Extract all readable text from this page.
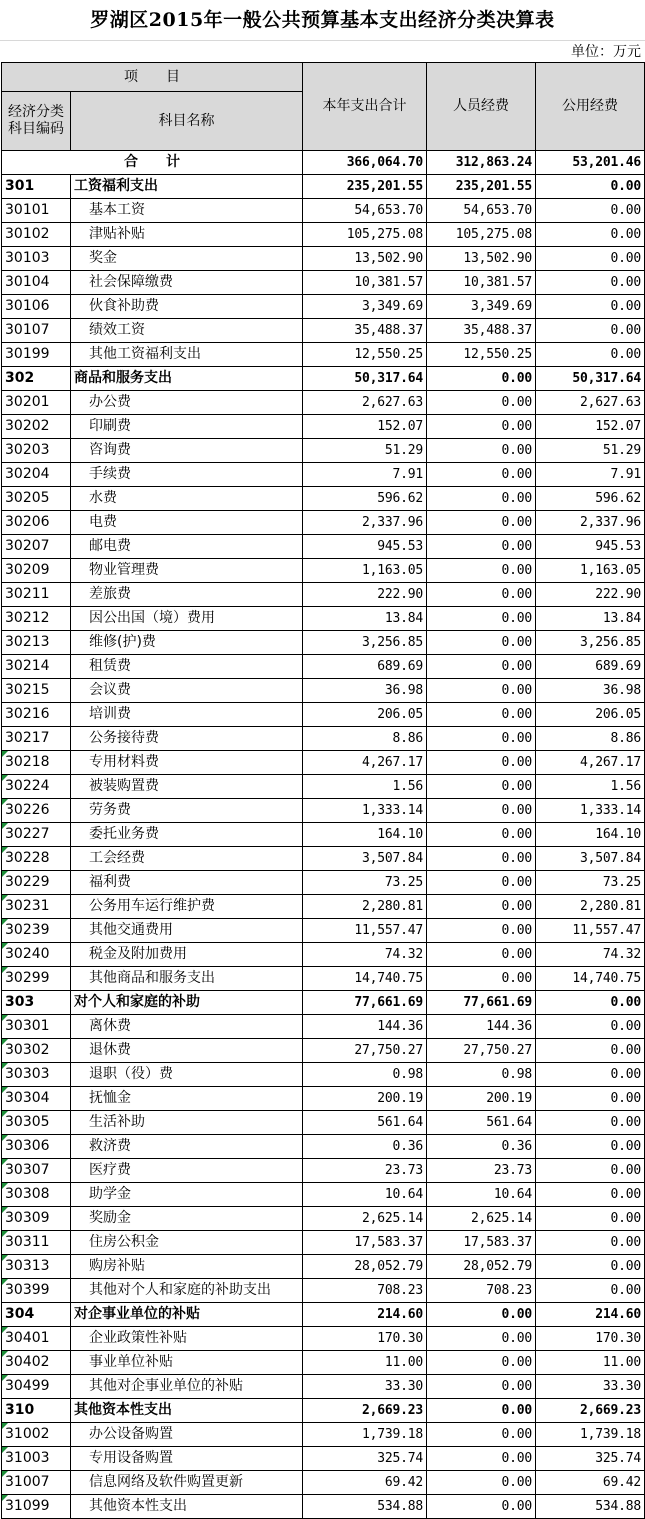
罗湖区2015年一般公共预算基本支出经济分类决算表
单位：万元
项　　目		本年支出合计	人员经费	公用经费
经济分类
科目编码	科目名称			
合　　计		366,064.70	312,863.24	53,201.46
301	工资福利支出	235,201.55	235,201.55	0.00
30101	基本工资	54,653.70	54,653.70	0.00
30102	津贴补贴	105,275.08	105,275.08	0.00
30103	奖金	13,502.90	13,502.90	0.00
30104	社会保障缴费	10,381.57	10,381.57	0.00
30106	伙食补助费	3,349.69	3,349.69	0.00
30107	绩效工资	35,488.37	35,488.37	0.00
30199	其他工资福利支出	12,550.25	12,550.25	0.00
302	商品和服务支出	50,317.64	0.00	50,317.64
30201	办公费	2,627.63	0.00	2,627.63
30202	印刷费	152.07	0.00	152.07
30203	咨询费	51.29	0.00	51.29
30204	手续费	7.91	0.00	7.91
30205	水费	596.62	0.00	596.62
30206	电费	2,337.96	0.00	2,337.96
30207	邮电费	945.53	0.00	945.53
30209	物业管理费	1,163.05	0.00	1,163.05
30211	差旅费	222.90	0.00	222.90
30212	因公出国（境）费用	13.84	0.00	13.84
30213	维修(护)费	3,256.85	0.00	3,256.85
30214	租赁费	689.69	0.00	689.69
30215	会议费	36.98	0.00	36.98
30216	培训费	206.05	0.00	206.05
30217	公务接待费	8.86	0.00	8.86
30218	专用材料费	4,267.17	0.00	4,267.17
30224	被装购置费	1.56	0.00	1.56
30226	劳务费	1,333.14	0.00	1,333.14
30227	委托业务费	164.10	0.00	164.10
30228	工会经费	3,507.84	0.00	3,507.84
30229	福利费	73.25	0.00	73.25
30231	公务用车运行维护费	2,280.81	0.00	2,280.81
30239	其他交通费用	11,557.47	0.00	11,557.47
30240	税金及附加费用	74.32	0.00	74.32
30299	其他商品和服务支出	14,740.75	0.00	14,740.75
303	对个人和家庭的补助	77,661.69	77,661.69	0.00
30301	离休费	144.36	144.36	0.00
30302	退休费	27,750.27	27,750.27	0.00
30303	退职（役）费	0.98	0.98	0.00
30304	抚恤金	200.19	200.19	0.00
30305	生活补助	561.64	561.64	0.00
30306	救济费	0.36	0.36	0.00
30307	医疗费	23.73	23.73	0.00
30308	助学金	10.64	10.64	0.00
30309	奖励金	2,625.14	2,625.14	0.00
30311	住房公积金	17,583.37	17,583.37	0.00
30313	购房补贴	28,052.79	28,052.79	0.00
30399	其他对个人和家庭的补助支出	708.23	708.23	0.00
304	对企事业单位的补贴	214.60	0.00	214.60
30401	企业政策性补贴	170.30	0.00	170.30
30402	事业单位补贴	11.00	0.00	11.00
30499	其他对企事业单位的补贴	33.30	0.00	33.30
310	其他资本性支出	2,669.23	0.00	2,669.23
31002	办公设备购置	1,739.18	0.00	1,739.18
31003	专用设备购置	325.74	0.00	325.74
31007	信息网络及软件购置更新	69.42	0.00	69.42
31099	其他资本性支出	534.88	0.00	534.88
